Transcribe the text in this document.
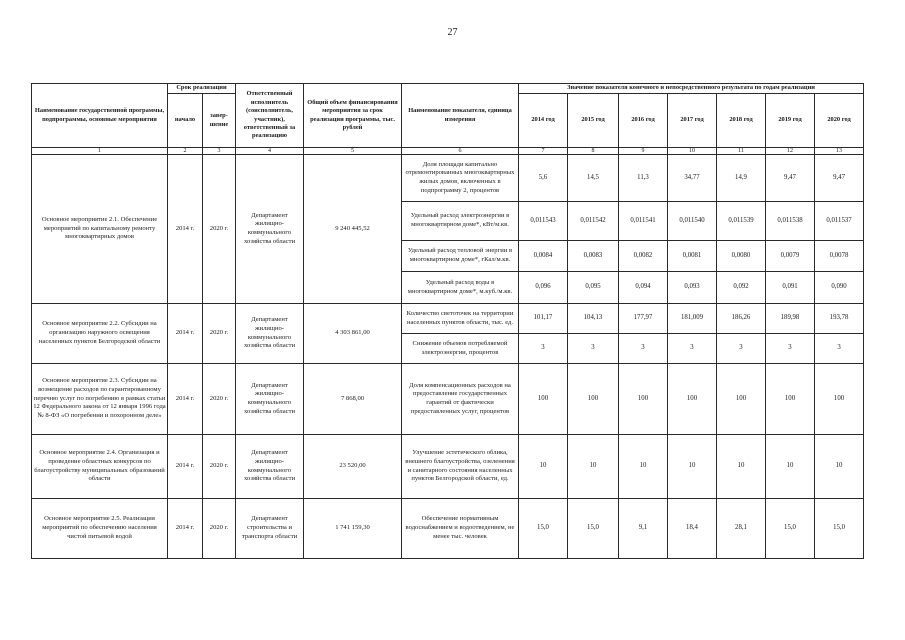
27
Наименование государственной программы, подпрограммы, основные мероприятия	Срок реализации		Ответственный исполнитель (соисполнитель, участник), ответственный за реализацию	Общий объем финансирования мероприятия за срок реализации программы, тыс. рублей	Наименование показателя, единица измерения	Значение показателя конечного и непосредственного результата по годам реализации						
	начало	завер-шение				2014 год	2015 год	2016 год	2017 год	2018 год	2019 год	2020 год
1	2	3	4	5	6	7	8	9	10	11	12	13
Основное мероприятие 2.1. Обеспечение мероприятий по капитальному ремонту многоквартирных домов	2014 г.	2020 г.	Департамент жилищно-коммунального хозяйства области	9 240 445,52	Доля площади капитально отремонтированных многоквартирных жилых домов, включенных в подпрограмму 2, процентов	5,6	14,5	11,3	34,77	14,9	9,47	9,47
					Удельный расход электроэнергии в многоквартирном доме*, кВт/м.кв.	0,011543	0,011542	0,011541	0,011540	0,011539	0,011538	0,011537
					Удельный расход тепловой энергии в многоквартирном доме*, гКал/м.кв.	0,0084	0,0083	0,0082	0,0081	0,0080	0,0079	0,0078
					Удельный расход воды в многоквартирном доме*, м.куб./м.кв.	0,096	0,095	0,094	0,093	0,092	0,091	0,090
Основное мероприятие 2.2. Субсидии на организацию наружного освещения населенных пунктов Белгородской области	2014 г.	2020 г.	Департамент жилищно-коммунального хозяйства области	4 303 861,00	Количество светоточек на территории населенных пунктов области, тыс. ед.	101,17	104,13	177,97	181,009	186,26	189,98	193,78
					Снижение объемов потребляемой электроэнергии, процентов	3	3	3	3	3	3	3
Основное мероприятие 2.3. Субсидии на возмещение расходов по гарантированному перечню услуг по погребению в рамках статьи 12 Федерального закона от 12 января 1996 года № 8-ФЗ «О погребении и похоронном деле»	2014 г.	2020 г.	Департамент жилищно-коммунального хозяйства области	7 868,00	Доля компенсационных расходов на предоставление государственных гарантий от фактически предоставленных услуг, процентов	100	100	100	100	100	100	100
Основное мероприятие 2.4. Организация и проведение областных конкурсов по благоустройству муниципальных образований области	2014 г.	2020 г.	Департамент жилищно-коммунального хозяйства области	23 520,00	Улучшение эстетического облика, внешнего благоустройства, озеленения и санитарного состояния населенных пунктов Белгородской области, ед.	10	10	10	10	10	10	10
Основное мероприятие 2.5. Реализация мероприятий по обеспечению населения чистой питьевой водой	2014 г.	2020 г.	Департамент строительства и транспорта области	1 741 159,30	Обеспечение нормативным водоснабжением и водоотведением, не менее тыс. человек	15,0	15,0	9,1	18,4	28,1	15,0	15,0
